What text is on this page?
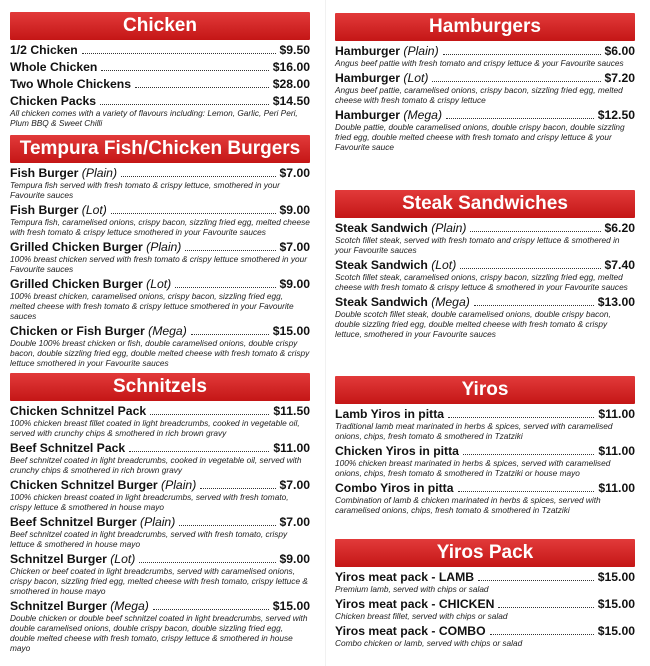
Chicken
1/2 Chicken	$9.50
Whole Chicken	$16.00
Two Whole Chickens	$28.00
Chicken Packs	$14.50
All chicken comes with a variety of flavours including: Lemon, Garlic, Peri Peri, Plum BBQ & Sweet Chilli
Tempura Fish/Chicken Burgers
Fish Burger (Plain)	$7.00
Tempura fish served with fresh tomato & crispy lettuce, smothered in your Favourite sauces
Fish Burger (Lot)	$9.00
Tempura fish, caramelised onions, crispy bacon, sizzling fried egg, melted cheese with fresh tomato & crispy lettuce smothered in your Favourite sauces
Grilled Chicken Burger (Plain)	$7.00
100% breast chicken served with fresh tomato & crispy lettuce smothered in your Favourite sauces
Grilled Chicken Burger (Lot)	$9.00
100% breast chicken, caramelised onions, crispy bacon, sizzling fried egg, melted cheese with fresh tomato & crispy lettuce smothered in your Favourite sauces
Chicken or Fish Burger (Mega)	$15.00
Double 100% breast chicken or fish, double caramelised onions, double crispy bacon, double sizzling fried egg, double melted cheese with fresh tomato & crispy lettuce smothered in your Favourite sauces
Schnitzels
Chicken Schnitzel Pack	$11.50
100% chicken breast fillet coated in light breadcrumbs, cooked in vegetable oil, served with crunchy chips & smothered in rich brown gravy
Beef Schnitzel Pack	$11.00
Beef schnitzel coated in light breadcrumbs, cooked in vegetable oil, served with crunchy chips & smothered in rich brown gravy
Chicken Schnitzel Burger (Plain)	$7.00
100% chicken breast coated in light breadcrumbs, served with fresh tomato, crispy lettuce & smothered in house mayo
Beef Schnitzel Burger (Plain)	$7.00
Beef schnitzel coated in light breadcrumbs, served with fresh tomato, crispy lettuce & smothered in house mayo
Schnitzel Burger (Lot)	$9.00
Chicken or beef coated in light breadcrumbs, served with caramelised onions, crispy bacon, sizzling fried egg, melted cheese with fresh tomato, crispy lettuce & smothered in house mayo
Schnitzel Burger (Mega)	$15.00
Double chicken or double beef schnitzel coated in light breadcrumbs, served with double caramelised onions, double crispy bacon, double sizzling fried egg, double melted cheese with fresh tomato, crispy lettuce & smothered in house mayo
Hamburgers
Hamburger (Plain)	$6.00
Angus beef pattie with fresh tomato and crispy lettuce & your Favourite sauces
Hamburger (Lot)	$7.20
Angus beef pattie, caramelised onions, crispy bacon, sizzling fried egg, melted cheese with fresh tomato & crispy lettuce
Hamburger (Mega)	$12.50
Double pattie, double caramelised onions, double crispy bacon, double sizzling fried egg, double melted cheese with fresh tomato and crispy lettuce & your Favourite sauce
Steak Sandwiches
Steak Sandwich (Plain)	$6.20
Scotch fillet steak, served with fresh tomato and crispy lettuce & smothered in your Favourite sauces
Steak Sandwich (Lot)	$7.40
Scotch fillet steak, caramelised onions, crispy bacon, sizzling fried egg, melted cheese with fresh tomato & crispy lettuce & smothered in your Favourite sauces
Steak Sandwich (Mega)	$13.00
Double scotch fillet steak, double caramelised onions, double crispy bacon, double sizzling fried egg, double melted cheese with fresh tomato & crispy lettuce, smothered in your Favourite sauces
Yiros
Lamb Yiros in pitta	$11.00
Traditional lamb meat marinated in herbs & spices, served with caramelised onions, chips, fresh tomato & smothered in Tzatziki
Chicken Yiros in pitta	$11.00
100% chicken breast marinated in herbs & spices, served with caramelised onions, chips, fresh tomato & smothered in Tzatziki or house mayo
Combo Yiros in pitta	$11.00
Combination of lamb & chicken marinated in herbs & spices, served with caramelised onions, chips, fresh tomato & smothered in Tzatziki
Yiros Pack
Yiros meat pack - LAMB	$15.00
Premium lamb, served with chips or salad
Yiros meat pack - CHICKEN	$15.00
Chicken breast fillet, served with chips or salad
Yiros meat pack - COMBO	$15.00
Combo chicken or lamb, served with chips or salad
